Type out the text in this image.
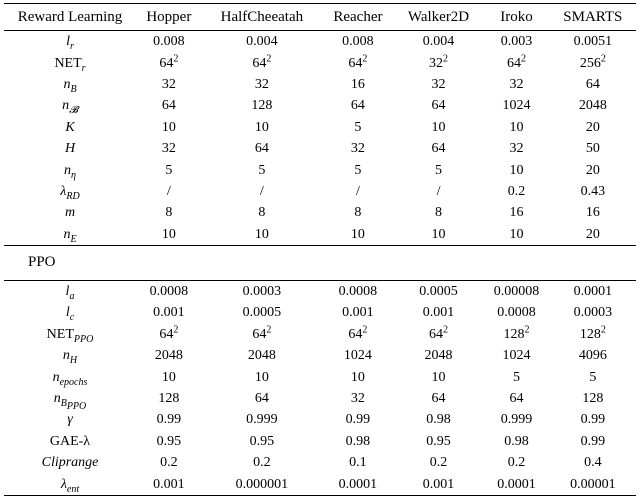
Reward Learning	Hopper	HalfCheeatah	Reacher	Walker2D	Iroko	SMARTS
$l_r$	0.008	0.004	0.008	0.004	0.003	0.0051
$NET_r$	$64^2$	$64^2$	$64^2$	$32^2$	$64^2$	$256^2$
$n_B$	32	32	16	32	32	64
$n_𝓑$	64	128	64	64	1024	2048
K	10	10	5	10	10	20
H	32	64	32	64	32	50
$n_\eta$	5	5	5	5	10	20
$\lambda_{RD}$	/	/	/	/	0.2	0.43
m	8	8	8	8	16	16
$n_E$	10	10	10	10	10	20
PPO						
$l_a$	0.0008	0.0003	0.0008	0.0005	0.00008	0.0001
$l_c$	0.001	0.0005	0.001	0.001	0.0008	0.0003
$NET_{PPO}$	$64^2$	$64^2$	$64^2$	$64^2$	$128^2$	$128^2$
$n_H$	2048	2048	1024	2048	1024	4096
$n_{epochs}$	10	10	10	10	5	5
$n_{B_{PPO}}$	128	64	32	64	64	128
γ	0.99	0.999	0.99	0.98	0.999	0.99
GAE-λ	0.95	0.95	0.98	0.95	0.98	0.99
Cliprange	0.2	0.2	0.1	0.2	0.2	0.4
$\lambda_{ent}$	0.001	0.000001	0.0001	0.001	0.0001	0.00001
